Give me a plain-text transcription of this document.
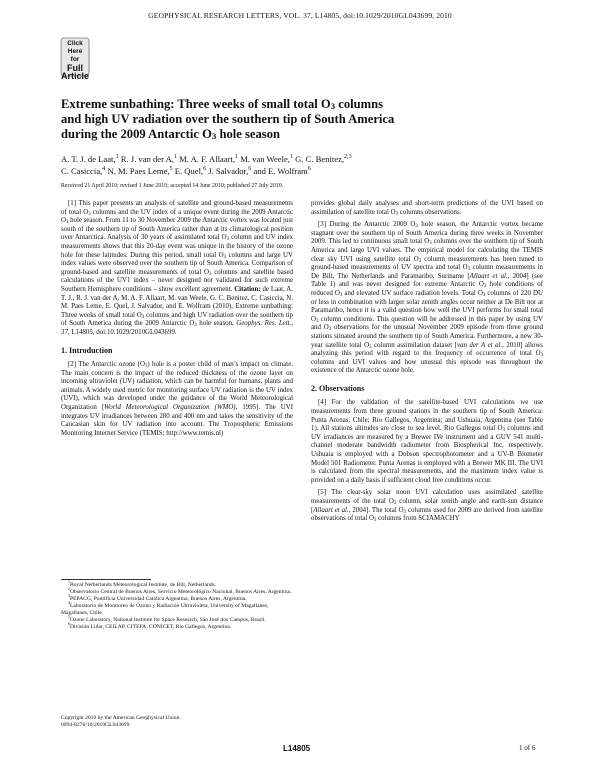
GEOPHYSICAL RESEARCH LETTERS, VOL. 37, L14805, doi:10.1029/2010GL043699, 2010
Click
Here
for
Full
Article
Extreme sunbathing: Three weeks of small total $O_3$ columns
and high UV radiation over the southern tip of South America
during the 2009 Antarctic $O_3$ hole season
A. T. J. de Laat,$^1$ R. J. van der A,$^1$ M. A. F. Allaart,$^1$ M. van Weele,$^1$ G. C. Benitez,$^{2,3}$
C. Casiccia,$^4$ N. M. Paes Leme,$^5$ E. Quel,$^6$ J. Salvador,$^6$ and E. Wolfram$^6$
Received 21 April 2010; revised 1 June 2010; accepted 14 June 2010; published 27 July 2010.

[1] This paper presents an analysis of satellite and ground-based measurements of total $O_3$ columns and the UV index of a unique event during the 2009 Antarctic $O_3$ hole season. From 11 to 30 November 2009 the Antarctic vortex was located just south of the southern tip of South America rather than at its climatological position over Antarctica. Analysis of 30 years of assimilated total $O_3$ column and UV index measurements shows that this 20-day event was unique in the history of the ozone hole for these latitudes. During this period, small total $O_3$ columns and large UV index values were observed over the southern tip of South America. Comparison of ground-based and satellite measurements of total $O_3$ columns and satellite based calculations of the UV1 index – never designed nor validated for such extreme Southern Hemisphere conditions – show excellent agreement. Citation: de Laat, A. T. J., R. J. van der A, M. A. F. Allaart, M. van Weele, G. C. Benitez, C. Casiccia, N. M. Paes Leme, E. Quel, J. Salvador, and E. Wolfram (2010), Extreme sunbathing: Three weeks of small total $O_3$ columns and high UV radiation over the southern tip of South America during the 2009 Antarctic $O_3$ hole season, Geophys. Res. Lett., 37, L14805, doi:10.1029/2010GL043699.

1. Introduction

[2] The Antarctic ozone $(O_3)$ hole is a poster child of man’s impact on climate. The main concern is the impact of the reduced thickness of the ozone layer on incoming ultraviolet (UV) radiation, which can be harmful for humans, plants and animals. A widely used metric for monitoring surface UV radiation is the UV index (UVI), which was developed under the guidance of the World Meteorological Organization [World Meteorological Organization (WMO), 1995]. The UVI integrates UV irradiances between 280 and 400 nm and takes the sensitivity of the Caucasian skin for UV radiation into account. The Tropospheric Emissions Monitoring Internet Service (TEMIS; http://www.temis.nl)

$^1$Royal Netherlands Meteorological Institute, de Bilt, Netherlands.
$^2$Observatorio Central de Buenos Aires, Servicio Meteorológico Nacional, Buenos Aires, Argentina.
$^3$PEPACG, Pontificia Universidad Católica Argentina, Buenos Aires, Argentina.
$^4$Laboratorio de Monitoreo de Ozono y Radiación Ultravioleta, University of Magallanes, Magallanes, Chile.
$^5$Ozone Laboratory, National Institute for Space Research, São José dos Campos, Brazil.
$^6$División Lidar, CEILAP, CITEFA, CONICET, Rio Gallegos, Argentina.
Copyright 2010 by the American Geophysical Union.
0094-8276/10/2010GL043699

provides global daily analyses and short-term predictions of the UVI based on assimilation of satellite total $O_3$ columns observations.

[3] During the Antarctic 2009 $O_3$ hole season, the Antarctic vortex became stagnant over the southern tip of South America during three weeks in November 2009. This led to continuous small total $O_3$ columns over the southern tip of South America and large UVI values. The empirical model for calculating the TEMIS clear sky UVI using satellite total $O_3$ column measurements has been tuned to ground-based measurements of UV spectra and total $O_3$ column measurements in De Bilt, The Netherlands and Paramaribo, Suriname [Allaart et al., 2004] (see Table 1) and was never designed for extreme Antarctic $O_3$ hole conditions of reduced $O_3$ and elevated UV surface radiation levels. Total $O_3$ columns of 220 DU or less in combination with larger solar zenith angles occur neither at De Bilt nor at Paramaribo, hence it is a valid question how well the UVI performs for small total $O_3$ column conditions. This question will be addressed in this paper by using UV and $O_3$ observations for the unusual November 2009 episode from three ground stations situated around the southern tip of South America. Furthermore, a new 30-year satellite total $O_3$ column assimilation dataset [van der A et al., 2010] allows analyzing this period with regard to the frequency of occurrence of total $O_3$ columns and UVI values and how unusual this episode was throughout the existence of the Antarctic ozone hole.

2. Observations

[4] For the validation of the satellite-based UVI calculations we use measurements from three ground stations in the southern tip of South America: Punta Arenas, Chile; Rio Gallegos, Argentina; and Ushuaia, Argentina (see Table 1). All stations altitudes are close to sea level. Rio Gallegos total $O_3$ columns and UV irradiances are measured by a Brewer IVe instrument and a GUV 541 multi-channel moderate bandwidth radiometer from Biospherical Inc, respectively. Ushuaia is employed with a Dobson spectrophotometer and a UV-B Biometer Model 501 Radiometer. Punta Arenas is employed with a Brewer MK III. The UVI is calculated from the spectral measurements, and the maximum index value is provided on a daily basis if sufficient cloud free conditions occur.

[5] The clear-sky solar noon UVI calculation uses assimilated satellite measurements of the total $O_3$ column, solar zenith angle and earth-sun distance [Allaart et al., 2004]. The total $O_3$ columns used for 2009 are derived from satellite observations of total $O_3$ columns from SCIAMACHY

L14805	1 of 6
